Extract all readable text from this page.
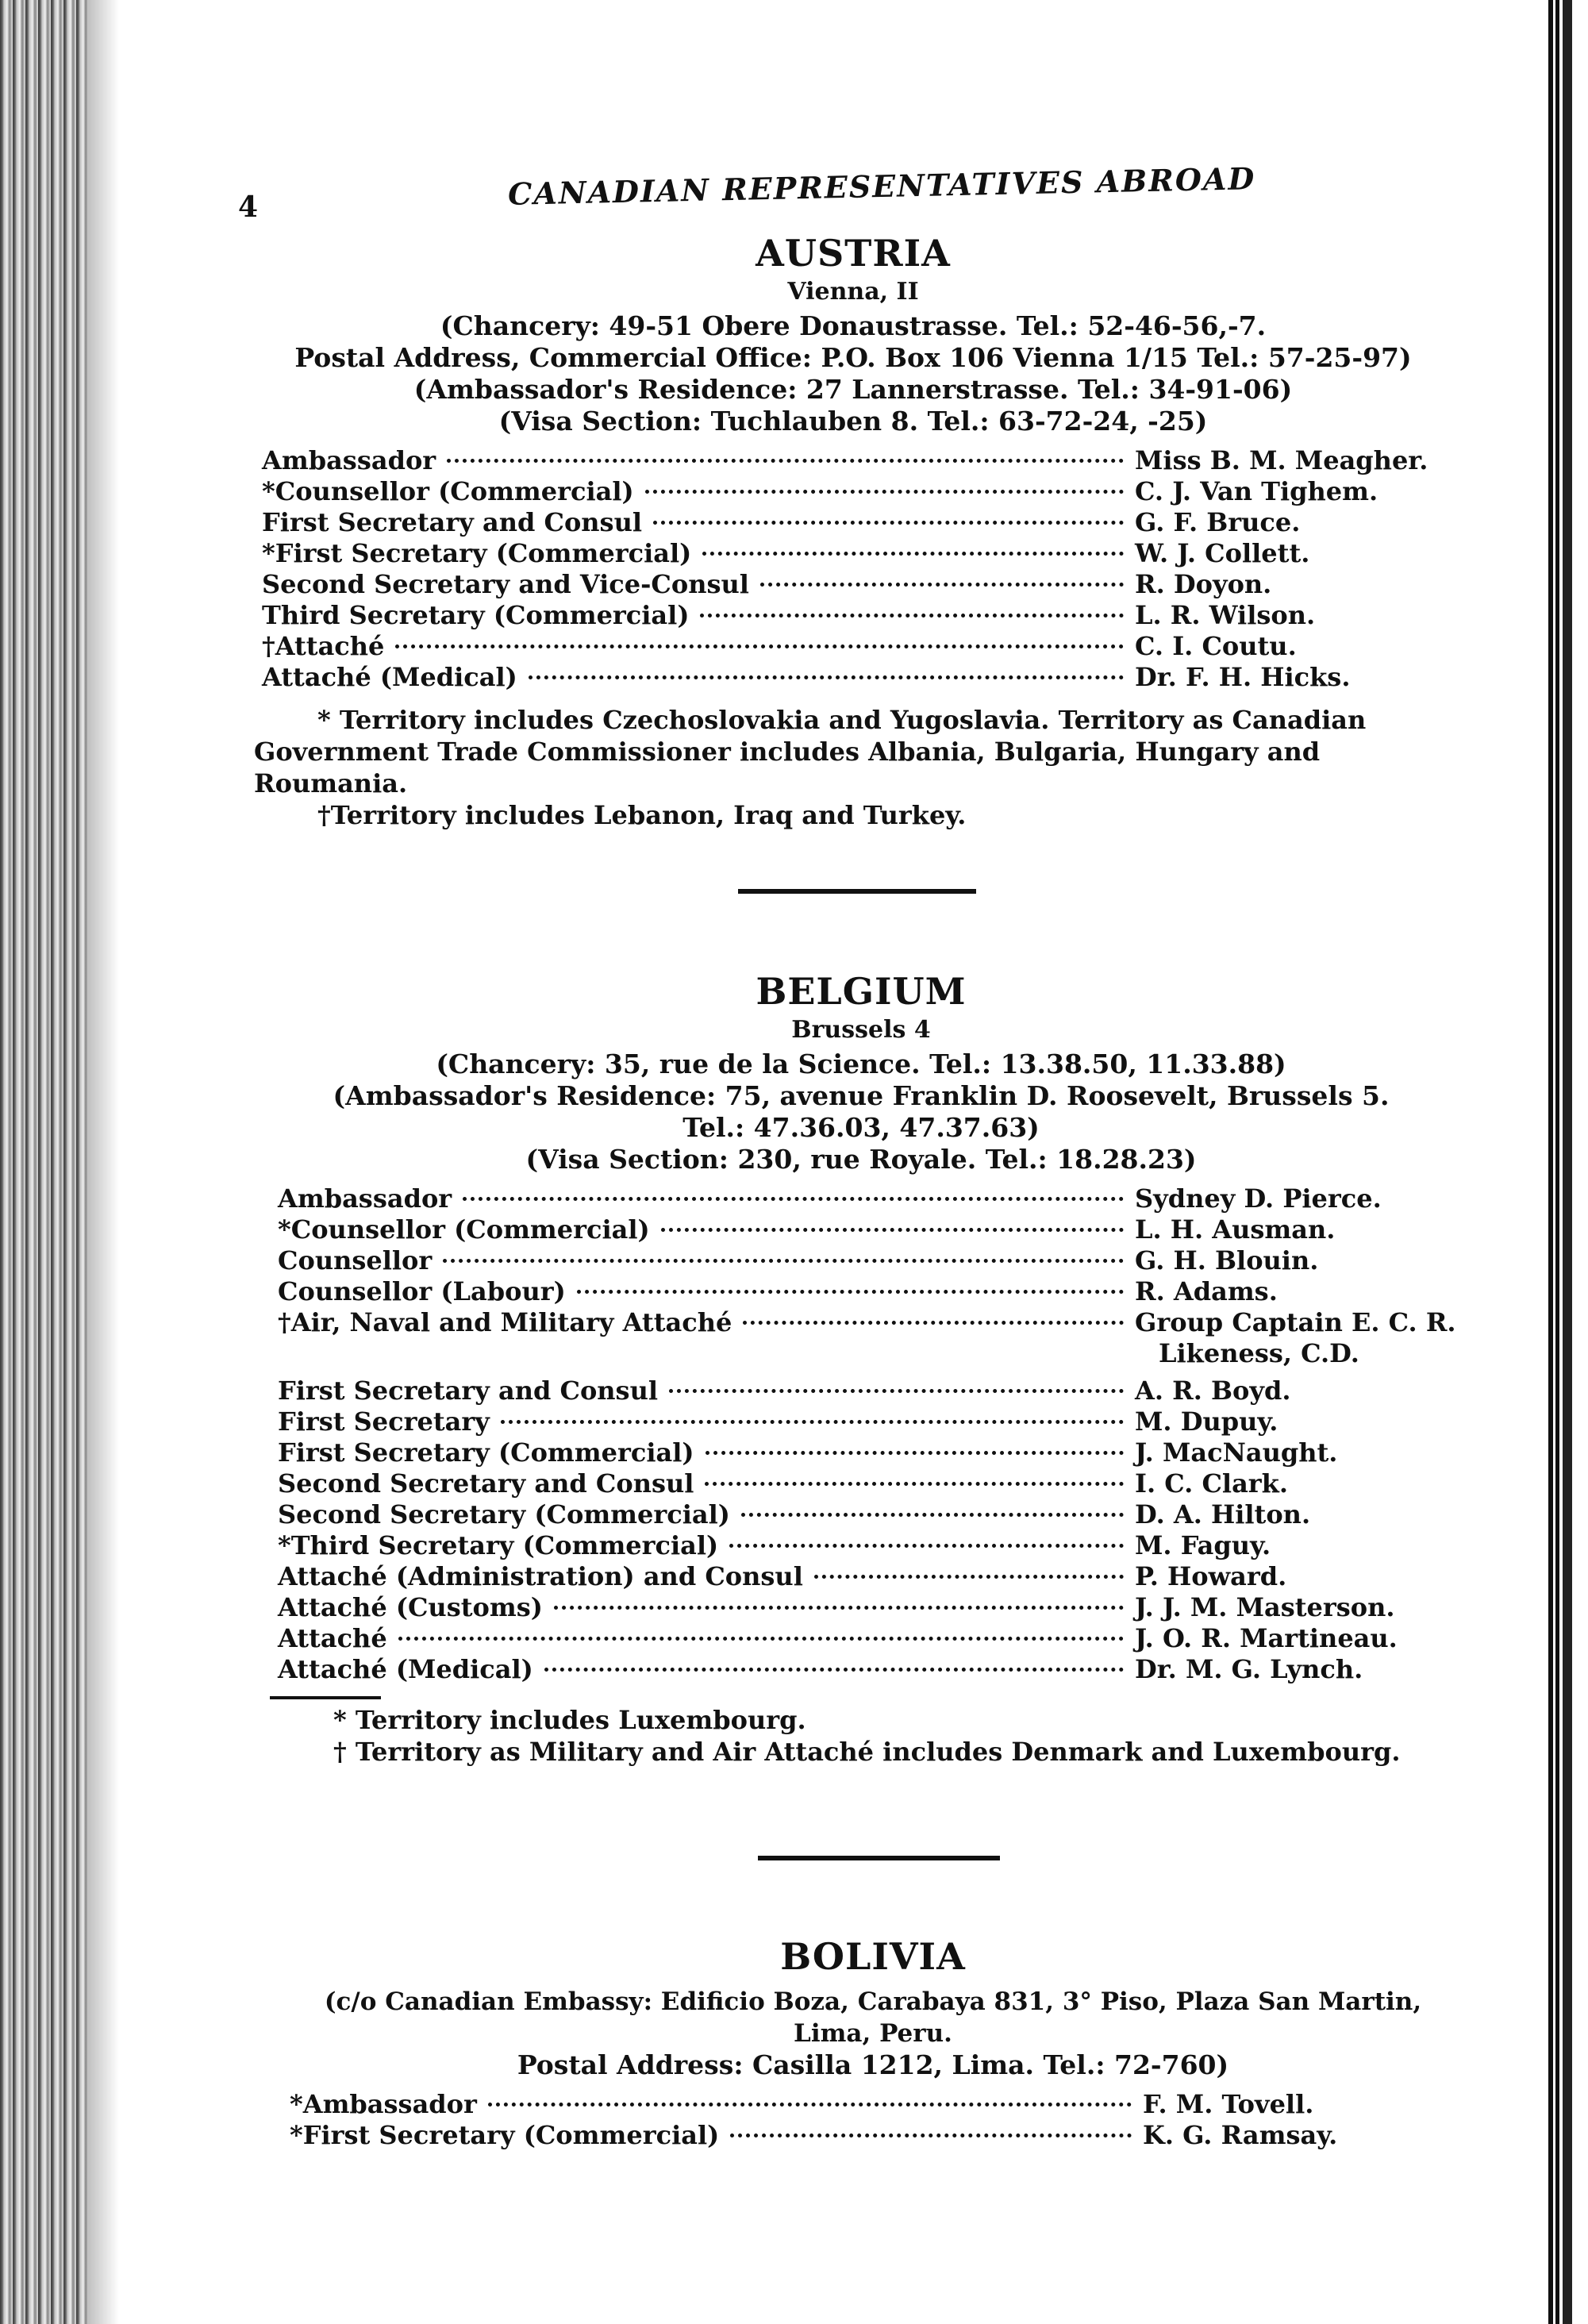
4	CANADIAN REPRESENTATIVES ABROAD
AUSTRIA
Vienna, II
(Chancery: 49-51 Obere Donaustrasse. Tel.: 52-46-56,-7.
Postal Address, Commercial Office: P.O. Box 106 Vienna 1/15 Tel.: 57-25-97)
(Ambassador's Residence: 27 Lannerstrasse. Tel.: 34-91-06)
(Visa Section: Tuchlauben 8. Tel.: 63-72-24, -25)
Ambassador	Miss B. M. Meagher.
*Counsellor (Commercial)	C. J. Van Tighem.
First Secretary and Consul	G. F. Bruce.
*First Secretary (Commercial)	W. J. Collett.
Second Secretary and Vice-Consul	R. Doyon.
Third Secretary (Commercial)	L. R. Wilson.
†Attaché	C. I. Coutu.
Attaché (Medical)	Dr. F. H. Hicks.
* Territory includes Czechoslovakia and Yugoslavia. Territory as Canadian Government Trade Commissioner includes Albania, Bulgaria, Hungary and Roumania.
†Territory includes Lebanon, Iraq and Turkey.
BELGIUM
Brussels 4
(Chancery: 35, rue de la Science. Tel.: 13.38.50, 11.33.88)
(Ambassador's Residence: 75, avenue Franklin D. Roosevelt, Brussels 5.
Tel.: 47.36.03, 47.37.63)
(Visa Section: 230, rue Royale. Tel.: 18.28.23)
Ambassador	Sydney D. Pierce.
*Counsellor (Commercial)	L. H. Ausman.
Counsellor	G. H. Blouin.
Counsellor (Labour)	R. Adams.
†Air, Naval and Military Attaché	Group Captain E. C. R.
Likeness, C.D.
First Secretary and Consul	A. R. Boyd.
First Secretary	M. Dupuy.
First Secretary (Commercial)	J. MacNaught.
Second Secretary and Consul	I. C. Clark.
Second Secretary (Commercial)	D. A. Hilton.
*Third Secretary (Commercial)	M. Faguy.
Attaché (Administration) and Consul	P. Howard.
Attaché (Customs)	J. J. M. Masterson.
Attaché	J. O. R. Martineau.
Attaché (Medical)	Dr. M. G. Lynch.
* Territory includes Luxembourg.
† Territory as Military and Air Attaché includes Denmark and Luxembourg.
BOLIVIA
(c/o Canadian Embassy: Edificio Boza, Carabaya 831, 3° Piso, Plaza San Martin, Lima, Peru.
Postal Address: Casilla 1212, Lima. Tel.: 72-760)
*Ambassador	F. M. Tovell.
*First Secretary (Commercial)	K. G. Ramsay.
